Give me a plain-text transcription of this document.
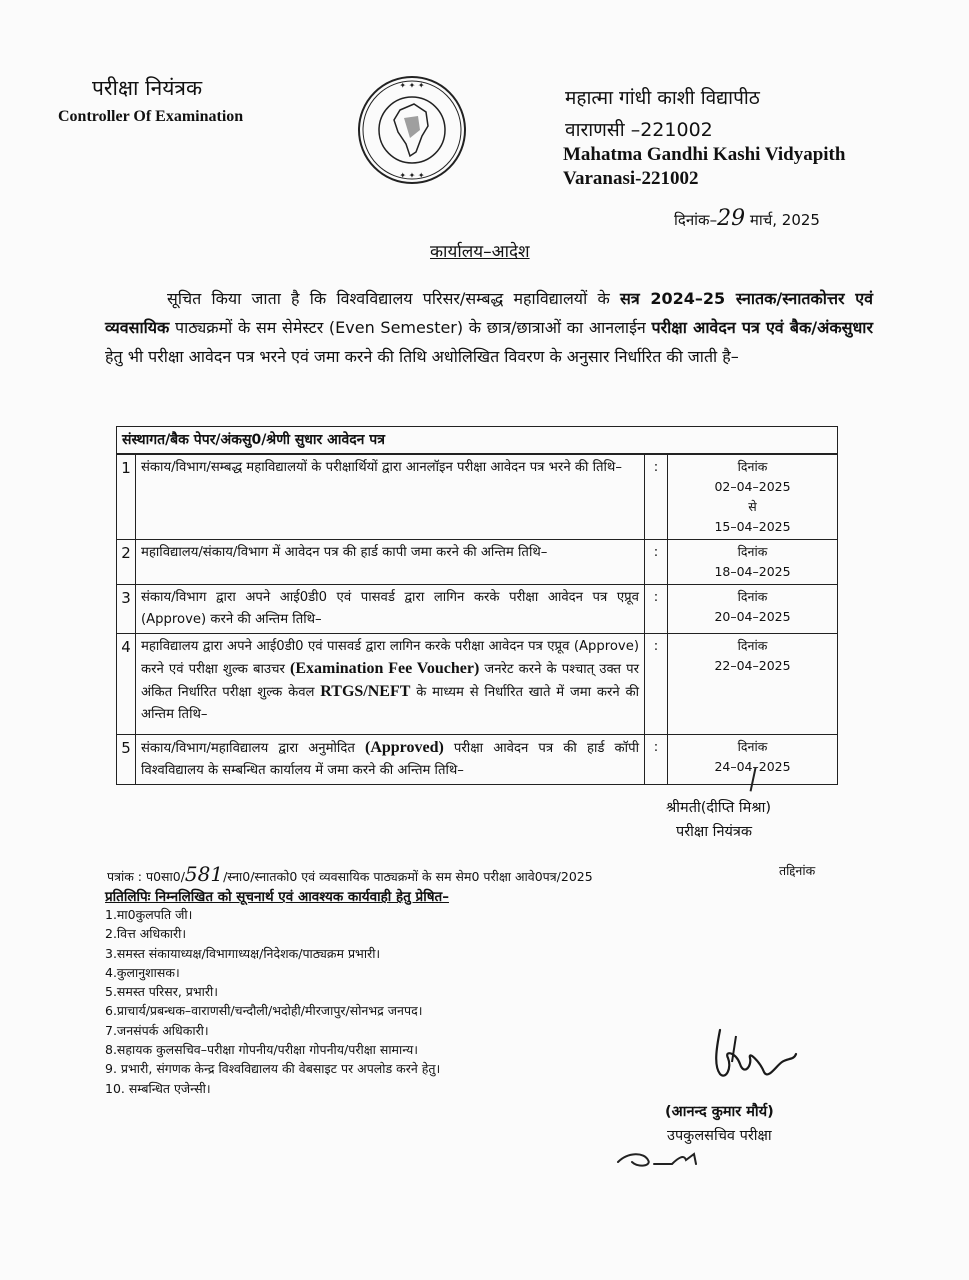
परीक्षा नियंत्रक
Controller Of Examination
✦ ✦ ✦
✦ ✦ ✦
महात्मा गांधी काशी विद्यापीठ
वाराणसी –221002
Mahatma Gandhi Kashi Vidyapith
Varanasi-221002
दिनांक–29 मार्च, 2025
कार्यालय–आदेश
सूचित किया जाता है कि विश्वविद्यालय परिसर/सम्बद्ध महाविद्यालयों के सत्र 2024–25 स्नातक/स्नातकोत्तर एवं व्यवसायिक पाठ्यक्रमों के सम सेमेस्टर (Even Semester) के छात्र/छात्राओं का आनलाईन परीक्षा आवेदन पत्र एवं बैक/अंकसुधार हेतु भी परीक्षा आवेदन पत्र भरने एवं जमा करने की तिथि अधोलिखित विवरण के अनुसार निर्धारित की जाती है–
संस्थागत/बैक पेपर/अंकसु0/श्रेणी सुधार आवेदन पत्र			
1	संकाय/विभाग/सम्बद्ध महाविद्यालयों के परीक्षार्थियों द्वारा आनलॉइन परीक्षा आवेदन पत्र भरने की तिथि–	:	दिनांक
02–04–2025
से
15–04–2025

2	महाविद्यालय/संकाय/विभाग में आवेदन पत्र की हार्ड कापी जमा करने की अन्तिम तिथि–	:	दिनांक
18–04–2025

3	संकाय/विभाग द्वारा अपने आई0डी0 एवं पासवर्ड द्वारा लागिन करके परीक्षा आवेदन पत्र एप्रूव (Approve) करने की अन्तिम तिथि–	:	दिनांक
20–04–2025

4	महाविद्यालय द्वारा अपने आई0डी0 एवं पासवर्ड द्वारा लागिन करके परीक्षा आवेदन पत्र एप्रूव (Approve) करने एवं परीक्षा शुल्क बाउचर (Examination Fee Voucher) जनरेट करने के पश्चात् उक्त पर अंकित निर्धारित परीक्षा शुल्क केवल RTGS/NEFT के माध्यम से निर्धारित खाते में जमा करने की अन्तिम तिथि–	:	दिनांक
22–04–2025

5	संकाय/विभाग/महाविद्यालय द्वारा अनुमोदित (Approved) परीक्षा आवेदन पत्र की हार्ड कॉपी विश्वविद्यालय के सम्बन्धित कार्यालय में जमा करने की अन्तिम तिथि–	:	दिनांक
24–04–2025
श्रीमती(दीप्ति मिश्रा)
परीक्षा नियंत्रक
पत्रांक : प0सा0/581/स्ना0/स्नातको0 एवं व्यवसायिक पाठ्यक्रमों के सम सेम0 परीक्षा आवे0पत्र/2025	तद्दिनांक
प्रतिलिपिः निम्नलिखित को सूचनार्थ एवं आवश्यक कार्यवाही हेतु प्रेषित–
1.मा0कुलपति जी।
2.वित्त अधिकारी।
3.समस्त संकायाध्यक्ष/विभागाध्यक्ष/निदेशक/पाठ्यक्रम प्रभारी।
4.कुलानुशासक।
5.समस्त परिसर, प्रभारी।
6.प्राचार्य/प्रबन्धक–वाराणसी/चन्दौली/भदोही/मीरजापुर/सोनभद्र जनपद।
7.जनसंपर्क अधिकारी।
8.सहायक कुलसचिव–परीक्षा गोपनीय/परीक्षा गोपनीय/परीक्षा सामान्य।
9. प्रभारी, संगणक केन्द्र विश्वविद्यालय की वेबसाइट पर अपलोड करने हेतु।
10. सम्बन्धित एजेन्सी।
(आनन्द कुमार मौर्य)
उपकुलसचिव परीक्षा
